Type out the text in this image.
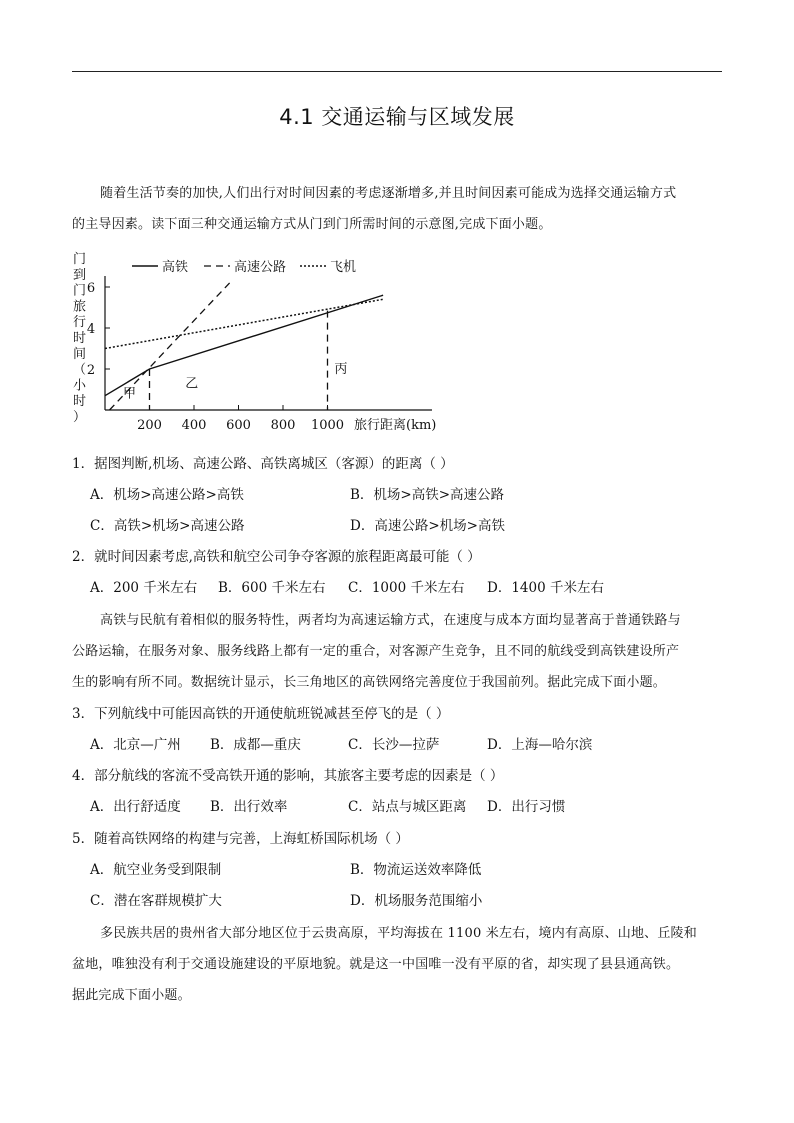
4.1 交通运输与区域发展
随着生活节奏的加快,人们出行对时间因素的考虑逐渐增多,并且时间因素可能成为选择交通运输方式
的主导因素。读下面三种交通运输方式从门到门所需时间的示意图,完成下面小题。
门
到
门
旅
行
时
间
（
小
时
）
200 400 600 800 1000
2
4
6
旅行距离(km)
甲
乙
丙
高铁	高速公路	飞机
1．据图判断,机场、高速公路、高铁离城区（客源）的距离（ ）
A．机场>高速公路>高铁	B．机场>高铁>高速公路
C．高铁>机场>高速公路	D．高速公路>机场>高铁
2．就时间因素考虑,高铁和航空公司争夺客源的旅程距离最可能（ ）
A．200 千米左右 B．600 千米左右 C．1000 千米左右 D．1400 千米左右
高铁与民航有着相似的服务特性，两者均为高速运输方式，在速度与成本方面均显著高于普通铁路与
公路运输，在服务对象、服务线路上都有一定的重合，对客源产生竞争，且不同的航线受到高铁建设所产
生的影响有所不同。数据统计显示，长三角地区的高铁网络完善度位于我国前列。据此完成下面小题。
3．下列航线中可能因高铁的开通使航班锐减甚至停飞的是（ ）
A．北京—广州 B．成都—重庆	C．长沙—拉萨	D．上海—哈尔滨
4．部分航线的客流不受高铁开通的影响，其旅客主要考虑的因素是（ ）
A．出行舒适度 B．出行效率	C．站点与城区距离 D．出行习惯
5．随着高铁网络的构建与完善，上海虹桥国际机场（ ）
A．航空业务受到限制	B．物流运送效率降低
C．潜在客群规模扩大	D．机场服务范围缩小
多民族共居的贵州省大部分地区位于云贵高原，平均海拔在 1100 米左右，境内有高原、山地、丘陵和
盆地，唯独没有利于交通设施建设的平原地貌。就是这一中国唯一没有平原的省，却实现了县县通高铁。
据此完成下面小题。
